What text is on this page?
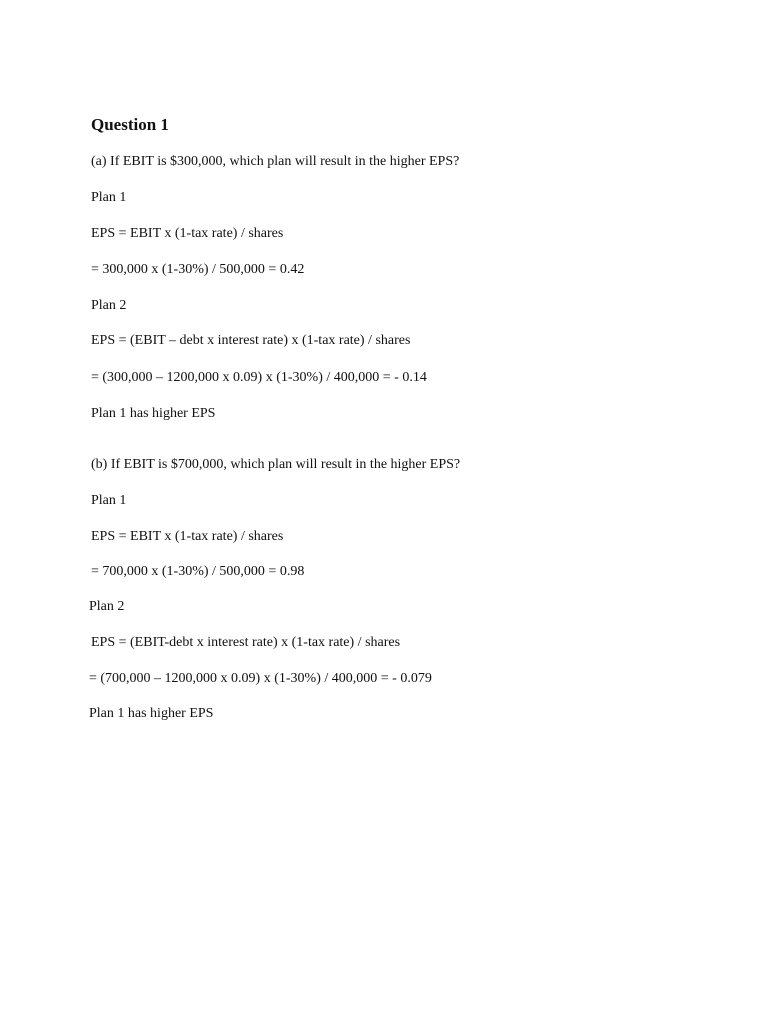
Question 1
(a) If EBIT is $300,000, which plan will result in the higher EPS?
Plan 1
EPS = EBIT x (1-tax rate) / shares
= 300,000 x (1-30%) / 500,000 = 0.42
Plan 2
EPS = (EBIT – debt x interest rate) x (1-tax rate) / shares
= (300,000 – 1200,000 x 0.09) x (1-30%) / 400,000 = - 0.14
Plan 1 has higher EPS
(b) If EBIT is $700,000, which plan will result in the higher EPS?
Plan 1
EPS = EBIT x (1-tax rate) / shares
= 700,000 x (1-30%) / 500,000 = 0.98
Plan 2
EPS = (EBIT-debt x interest rate) x (1-tax rate) / shares
= (700,000 – 1200,000 x 0.09) x (1-30%) / 400,000 = - 0.079
Plan 1 has higher EPS
